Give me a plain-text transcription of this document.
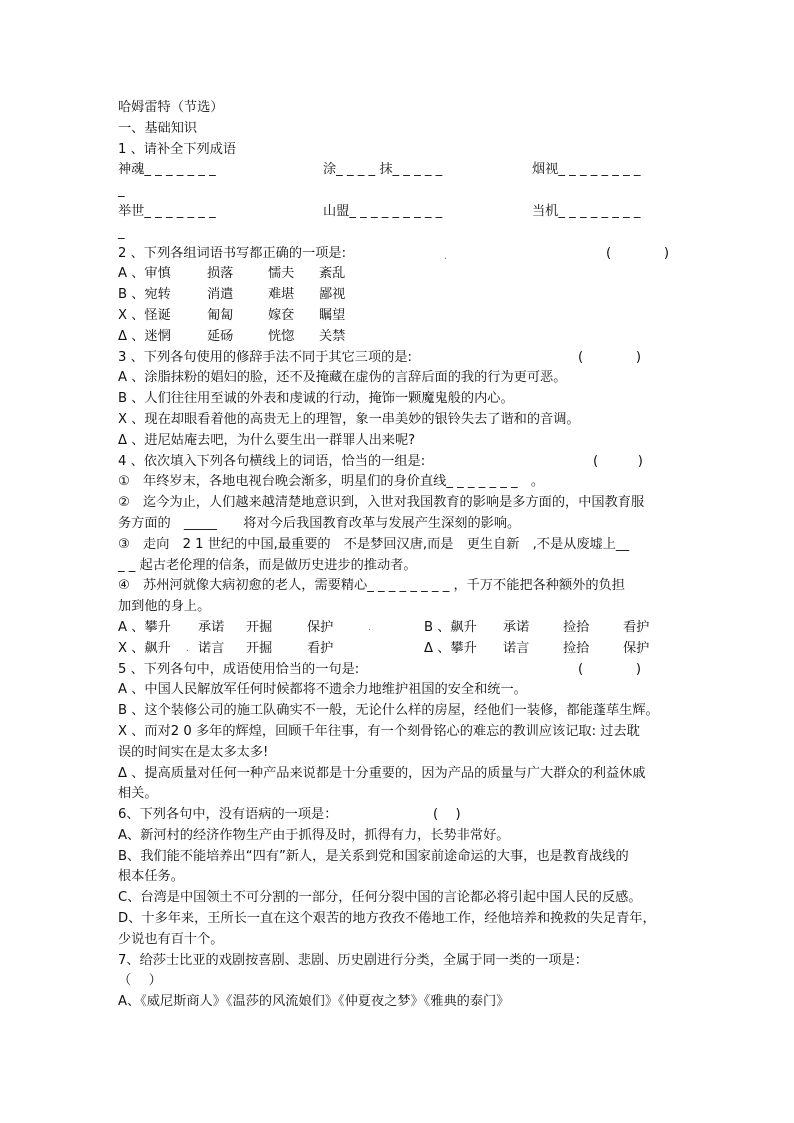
哈姆雷特（节选）
一、基础知识
1 、请补全下列成语
神魂_ _ _ _ _ _ _	涂_ _ _ _ 抹_ _ _ _ _	烟视_ _ _ _ _ _ _ _
_
举世_ _ _ _ _ _ _	山盟_ _ _ _ _ _ _ _ _	当机_ _ _ _ _ _ _ _
_
2 、下列各组词语书写都正确的一项是:	.	(　　　　)
A 、审慎	损落	懦夫 紊乱
B 、宛转	消遣	难堪 鄙视
X 、怪诞	匍匐	嫁奁 瞩望
Δ 、迷惘	延砀	恍惚 关禁
3 、下列各句使用的修辞手法不同于其它三项的是:	(　　　　)
A 、涂脂抹粉的娼妇的脸，还不及掩藏在虚伪的言辞后面的我的行为更可恶。
B 、人们往往用至诚的外表和虔诚的行动，掩饰一颗魔鬼般的内心。
X 、现在却眼看着他的高贵无上的理智，象一串美妙的银铃失去了谐和的音调。
Δ 、进尼姑庵去吧，为什么要生出一群罪人出来呢?
4 、依次填入下列各句横线上的词语，恰当的一组是:	(　　　)
①　年终岁末，各地电视台晚会渐多，明星们的身价直线_ _ _ _ _ _ _　。
②　迄今为止，人们越来越清楚地意识到，入世对我国教育的影响是多方面的，中国教育服
务方面的　_____　　将对今后我国教育改革与发展产生深刻的影响。
③　走向　2 1 世纪的中国,最重要的　不是梦回汉唐,而是　更生自新　,不是从废墟上__
_ _ 起古老伦理的信条，而是做历史进步的推动者。
④　苏州河就像大病初愈的老人，需要精心_ _ _ _ _ _ _ _ ，千万不能把各种额外的负担
加到他的身上。
A 、攀升 承诺 开掘	保护	.	B 、飙升 承诺	捡拾	看护
X 、飙升 . 诺言 开掘	看护	Δ 、攀升 诺言	捡拾	保护
5 、下列各句中，成语使用恰当的一句是:	(　　　　)
A 、中国人民解放军任何时候都将不遗余力地维护祖国的安全和统一。
B 、这个装修公司的施工队确实不一般，无论什么样的房屋，经他们一装修，都能蓬荜生辉。
X 、而对2 0 多年的辉煌，回顾千年往事，有一个刻骨铭心的难忘的教训应该记取: 过去耽
误的时间实在是太多太多!
Δ 、提高质量对任何一种产品来说都是十分重要的，因为产品的质量与广大群众的利益休戚
相关。
6、下列各句中，没有语病的一项是：	(　 )
A、新河村的经济作物生产由于抓得及时，抓得有力，长势非常好。
B、我们能不能培养出“四有”新人，是关系到党和国家前途命运的大事，也是教育战线的
根本任务。
C、台湾是中国领土不可分割的一部分，任何分裂中国的言论都必将引起中国人民的反感。
D、十多年来，王所长一直在这个艰苦的地方孜孜不倦地工作，经他培养和挽救的失足青年，
少说也有百十个。
7、给莎士比亚的戏剧按喜剧、悲剧、历史剧进行分类，全属于同一类的一项是：
（　 ）
A、《威尼斯商人》《温莎的风流娘们》《仲夏夜之梦》《雅典的泰门》
